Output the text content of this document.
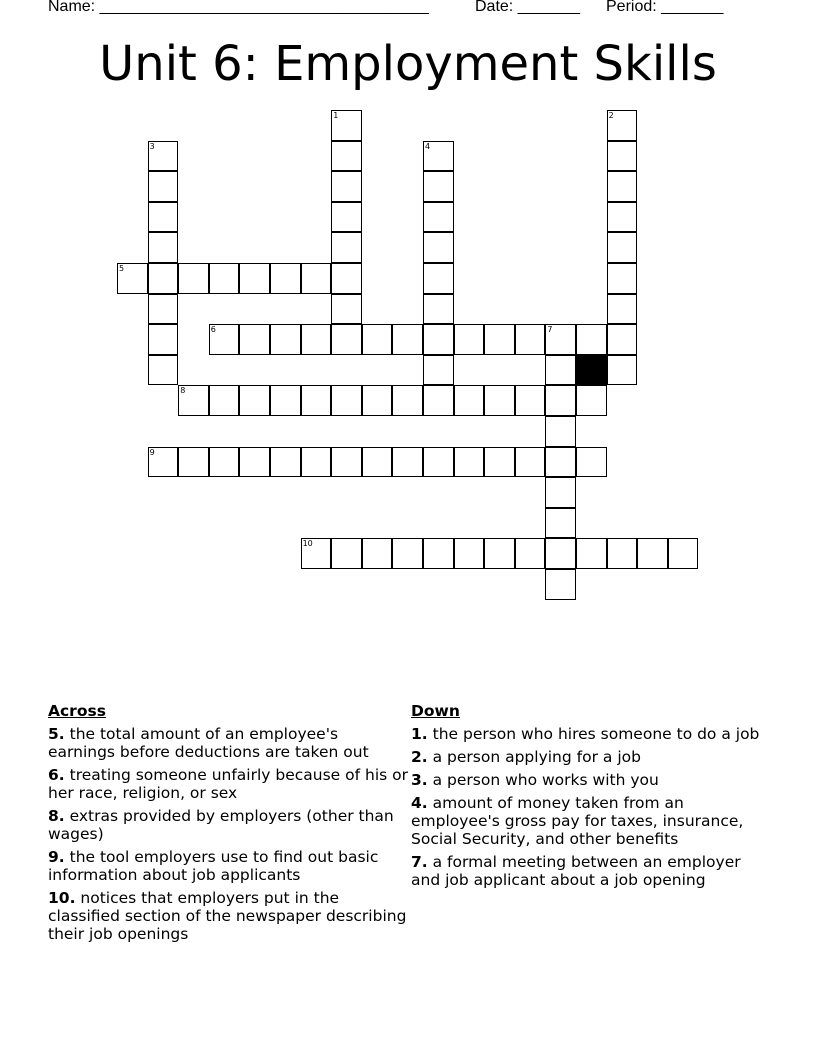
Name: _____________________________________

	Date: _______

Period: _______

Unit 6: Employment Skills
1	2
3	4
5
6	7
8
9
10
Across
5. the total amount of an employee's earnings before deductions are taken out
6. treating someone unfairly because of his or her race, religion, or sex
8. extras provided by employers (other than wages)
9. the tool employers use to find out basic information about job applicants
10. notices that employers put in the classified section of the newspaper describing their job openings
Down
1. the person who hires someone to do a job
2. a person applying for a job
3. a person who works with you
4. amount of money taken from an employee's gross pay for taxes, insurance, Social Security, and other benefits
7. a formal meeting between an employer and job applicant about a job opening
